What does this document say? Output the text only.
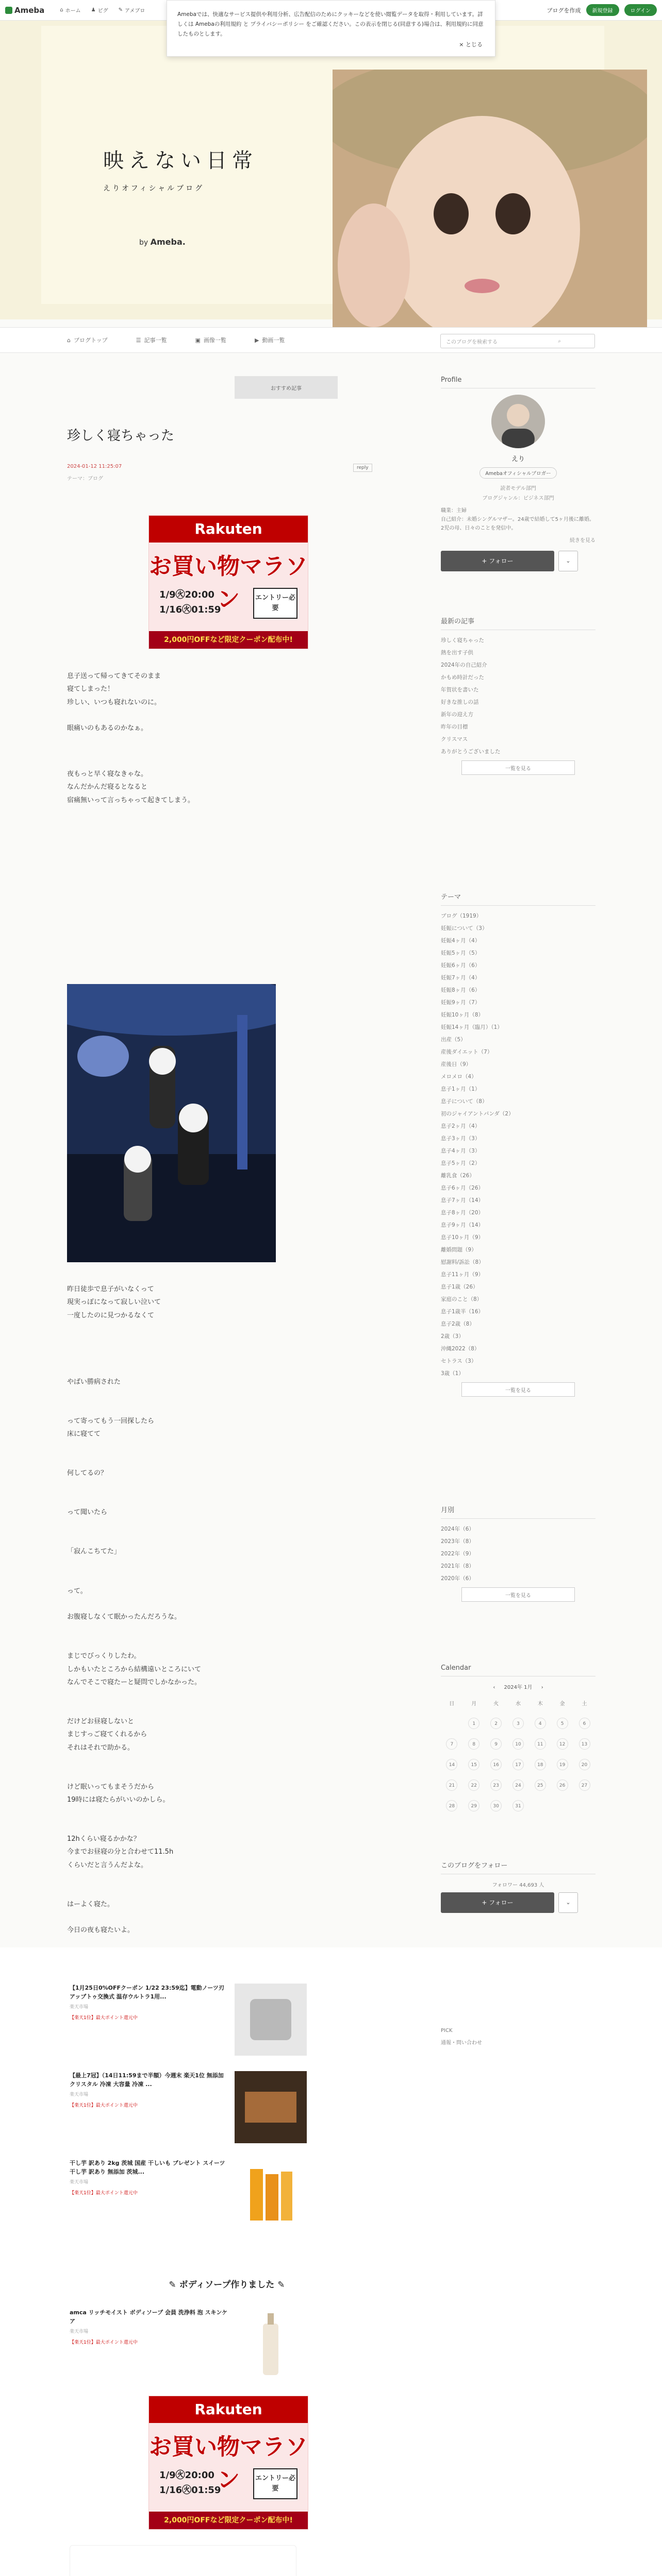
Ameba	⌂ ホーム ♟ ピグ ✎ アメブロ	ブログを作成	新規登録	ログイン
Amebaでは、快適なサービス提供や利用分析、広告配信のためにクッキーなどを使い閲覧データを取得・利用しています。詳しくは Amebaの利用規約 と プライバシーポリシー をご確認ください。この表示を閉じる(同意する)場合は、利用規約に同意したものとします。
× とじる
映えない日常
えりオフィシャルブログ
by Ameba.
⌂ ブログトップ	☰ 記事一覧	▣ 画像一覧	▶ 動画一覧	このブログを検索する	⌕
おすすめ記事
珍しく寝ちゃった
2024-01-12 11:25:07
テーマ：ブログ
reply
Rakuten
お買い物マラソン
1/9㊋20:00
1/16㊋01:59
エントリー必要
2,000円OFFなど限定クーポン配布中!
息子送って帰ってきてそのまま
寝てしまった！
珍しい、いつも寝れないのに。

眼痛いのもあるのかなぁ。
夜もっと早く寝なきゃな。
なんだかんだ寝るとなると
宿痛無いって言っちゃって起きてしまう。
昨日徒歩で息子がいなくって
現実っぽになって寂しい泣いて
一度したのに見つかるなくて
やばい勝病された

って寄ってもう一回探したら
床に寝てて

何してるの？

って聞いたら

「寂んこちてた」

って。

お腹寝しなくて眠かったんだろうな。

まじでびっくりしたわ。
しかもいたところから結構遠いところにいて
なんでそこで寝たーと疑問でしかなかった。

だけどお昼寝しないと
まじすっご寝てくれるから
それはそれで助かる。

けど眠いってもまそうだから
19時には寝たらがいいのかしら。

12hくらい寝るかかな？
今までお昼寝の分と合わせて11.5h
くらいだと言うんだよな。

はーよく寝た。

今日の夜も寝たいよ。
Profile
えり
Amebaオフィシャルブロガー
読者モデル部門
ブログジャンル：ビジネス部門
職業：主婦
自己紹介：未婚シングルマザー。24歳で結婚して5ヶ月後に離婚。2児の母、日々のことを発信中。
続きを見る
+ フォロー	⌄
最新の記事
珍しく寝ちゃった
熱を出す子供
2024年の自己紹介
かもめ時計だった
年賀状を書いた
好きな推しの話
新年の迎え方
昨年の目標
クリスマス
ありがとうございました
一覧を見る
テーマ
ブログ（1919）
妊娠について（3）
妊娠4ヶ月（4）
妊娠5ヶ月（5）
妊娠6ヶ月（6）
妊娠7ヶ月（4）
妊娠8ヶ月（6）
妊娠9ヶ月（7）
妊娠10ヶ月（8）
妊娠14ヶ月（臨月）（1）
出産（5）
産後ダイエット（7）
産後日（9）
メロメロ（4）
息子1ヶ月（1）
息子について（8）
初のジャイアントパンダ（2）
息子2ヶ月（4）
息子3ヶ月（3）
息子4ヶ月（3）
息子5ヶ月（2）
離乳食（26）
息子6ヶ月（26）
息子7ヶ月（14）
息子8ヶ月（20）
息子9ヶ月（14）
息子10ヶ月（9）
離婚問題（9）
慰謝料/訴訟（8）
息子11ヶ月（9）
息子1歳（26）
家庭のこと（8）
息子1歳半（16）
息子2歳（8）
2歳（3）
沖縄2022（8）
セトラス（3）
3歳（1）
一覧を見る
月別
2024年（6）
2023年（8）
2022年（9）
2021年（8）
2020年（6）
一覧を見る
Calendar
‹ 2024年 1月 ›
日	月	火	水	木	金	土
	1	2	3	4	5	6
7	8	9	10	11	12	13
14	15	16	17	18	19	20
21	22	23	24	25	26	27
28	29	30	31			
このブログをフォロー
フォロワー 44,693 人
+ フォロー	⌄
【1月25日0%OFFクーポン 1/22 23:59迄】電動ノーツ刃 アップトゥ交換式 温存ウルトラ1用...
楽天市場
【楽天1位】最大ポイント還元中
【最上7冠】（14日11:59まで半額）今週末 楽天1位 無添加 クリスタル 冷凍 大容量 冷凍 ...
楽天市場
【楽天1位】最大ポイント還元中
干し芋 訳あり 2kg 茨城 国産 干しいも ブレゼント スイーツ 干し芋 訳あり 無添加 茨城...
楽天市場
【楽天1位】最大ポイント還元中
✎ ボディソープ作りました ✎
amca リッチモイスト ボディソープ 会員 洗浄料 泡 スキンケア
楽天市場
【楽天1位】最大ポイント還元中
Rakuten
お買い物マラソン
1/9㊋20:00
1/16㊋01:59
エントリー必要
2,000円OFFなど限定クーポン配布中!
PICK
通報・問い合わせ
